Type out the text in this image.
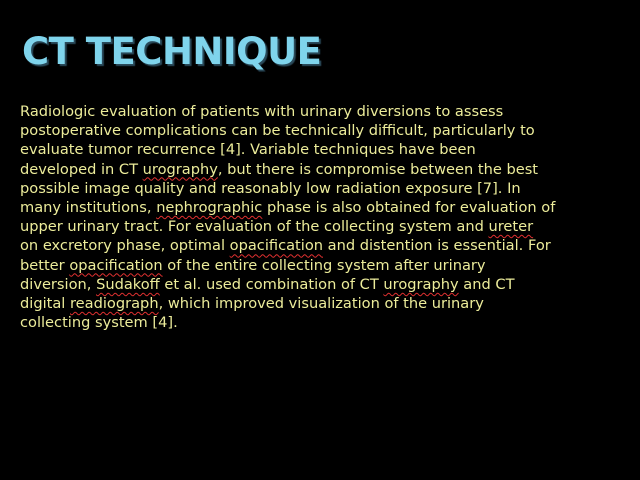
CT TECHNIQUE
Radiologic evaluation of patients with urinary diversions to assess
postoperative complications can be technically difficult, particularly to
evaluate tumor recurrence [4]. Variable techniques have been
developed in CT urography, but there is compromise between the best
possible image quality and reasonably low radiation exposure [7]. In
many institutions, nephrographic phase is also obtained for evaluation of
upper urinary tract. For evaluation of the collecting system and ureter
on excretory phase, optimal opacification and distention is essential. For
better opacification of the entire collecting system after urinary
diversion, Sudakoff et al. used combination of CT urography and CT
digital readiograph, which improved visualization of the urinary
collecting system [4].
